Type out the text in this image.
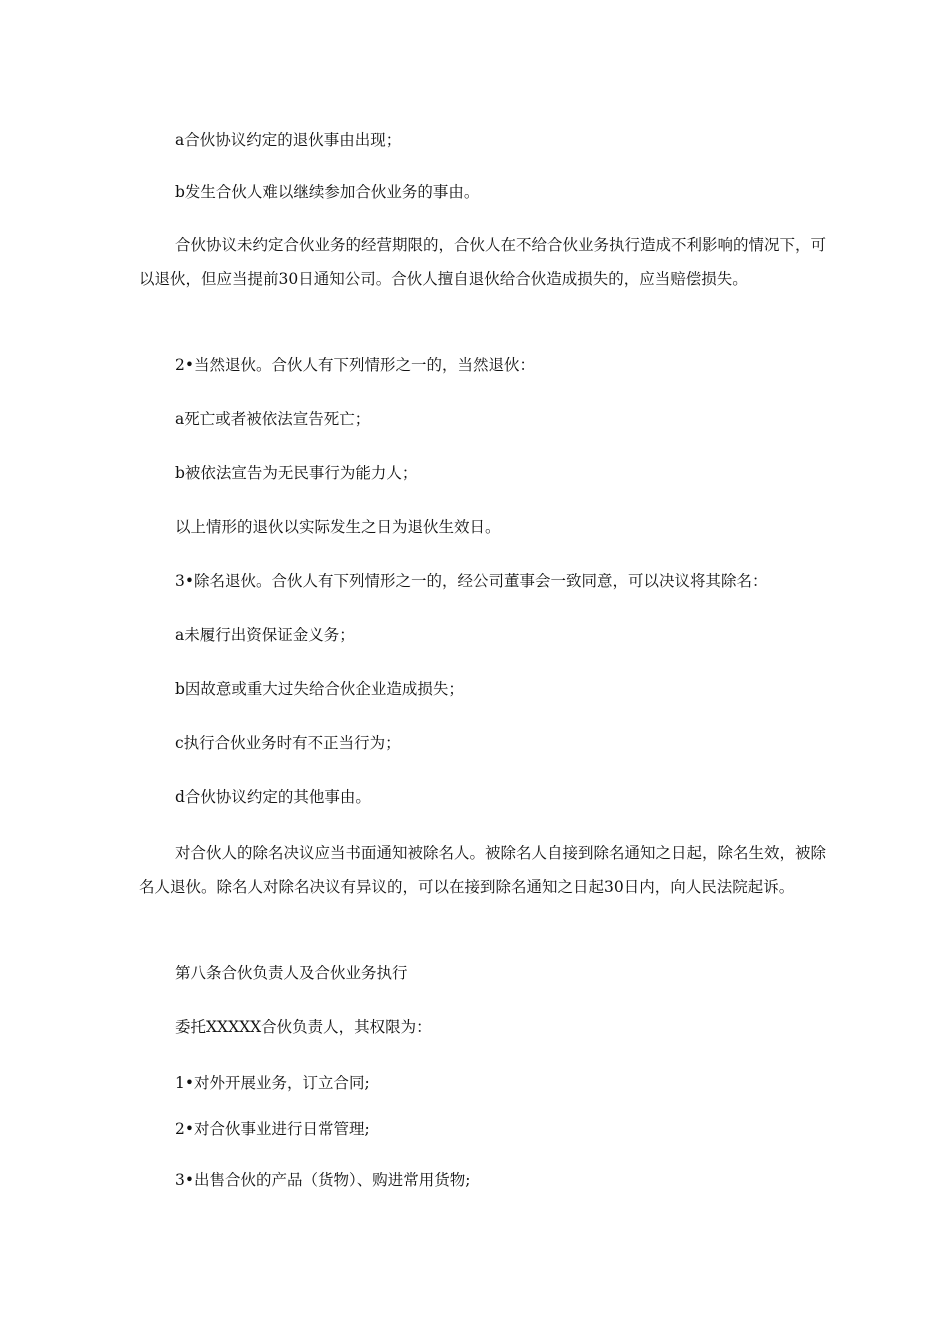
a合伙协议约定的退伙事由出现；

b发生合伙人难以继续参加合伙业务的事由。

合伙协议未约定合伙业务的经营期限的，合伙人在不给合伙业务执行造成不利影响的情况下，可以退伙，但应当提前30日通知公司。合伙人擅自退伙给合伙造成损失的，应当赔偿损失。

2•当然退伙。合伙人有下列情形之一的，当然退伙：

a死亡或者被依法宣告死亡；

b被依法宣告为无民事行为能力人；

以上情形的退伙以实际发生之日为退伙生效日。

3•除名退伙。合伙人有下列情形之一的，经公司董事会一致同意，可以决议将其除名：

a未履行出资保证金义务；

b因故意或重大过失给合伙企业造成损失；

c执行合伙业务时有不正当行为；

d合伙协议约定的其他事由。

对合伙人的除名决议应当书面通知被除名人。被除名人自接到除名通知之日起，除名生效，被除名人退伙。除名人对除名决议有异议的，可以在接到除名通知之日起30日内，向人民法院起诉。

第八条合伙负责人及合伙业务执行

委托XXXXX合伙负责人，其权限为：

1•对外开展业务，订立合同;

2•对合伙事业进行日常管理;

3•出售合伙的产品（货物）、购进常用货物;
